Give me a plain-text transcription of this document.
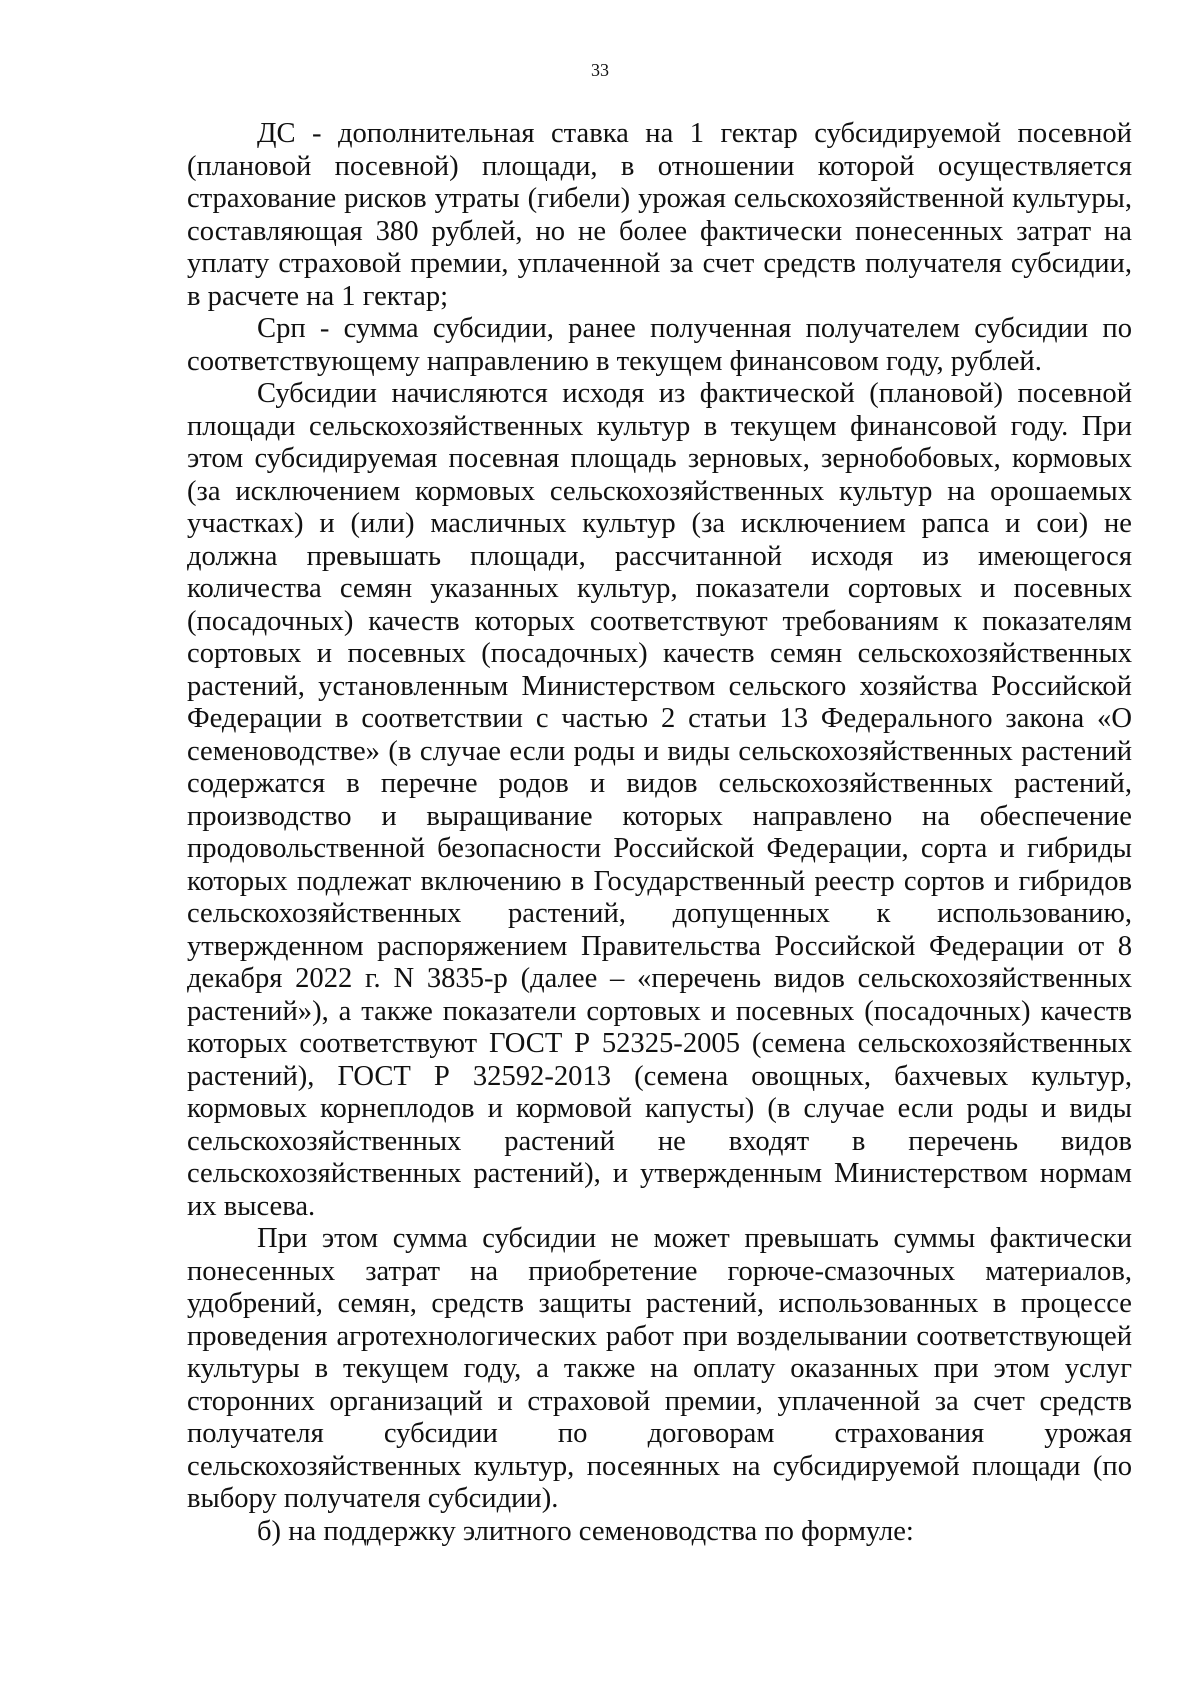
33

ДС - дополнительная ставка на 1 гектар субсидируемой посевной (плановой посевной) площади, в отношении которой осуществляется страхование рисков утраты (гибели) урожая сельскохозяйственной культуры, составляющая 380 рублей, но не более фактически понесенных затрат на уплату страховой премии, уплаченной за счет средств получателя субсидии, в расчете на 1 гектар;

Срп - сумма субсидии, ранее полученная получателем субсидии по соответствующему направлению в текущем финансовом году, рублей.

Субсидии начисляются исходя из фактической (плановой) посевной площади сельскохозяйственных культур в текущем финансовой году. При этом субсидируемая посевная площадь зерновых, зернобобовых, кормовых (за исключением кормовых сельскохозяйственных культур на орошаемых участках) и (или) масличных культур (за исключением рапса и сои) не должна превышать площади, рассчитанной исходя из имеющегося количества семян указанных культур, показатели сортовых и посевных (посадочных) качеств которых соответствуют требованиям к показателям сортовых и посевных (посадочных) качеств семян сельскохозяйственных растений, установленным Министерством сельского хозяйства Российской Федерации в соответствии с частью 2 статьи 13 Федерального закона «О семеноводстве» (в случае если роды и виды сельскохозяйственных растений содержатся в перечне родов и видов сельскохозяйственных растений, производство и выращивание которых направлено на обеспечение продовольственной безопасности Российской Федерации, сорта и гибриды которых подлежат включению в Государственный реестр сортов и гибридов сельскохозяйственных растений, допущенных к использованию, утвержденном распоряжением Правительства Российской Федерации от 8 декабря 2022 г. N 3835-р (далее – «перечень видов сельскохозяйственных растений»), а также показатели сортовых и посевных (посадочных) качеств которых соответствуют ГОСТ Р 52325-2005 (семена сельскохозяйственных растений), ГОСТ Р 32592-2013 (семена овощных, бахчевых культур, кормовых корнеплодов и кормовой капусты) (в случае если роды и виды сельскохозяйственных растений не входят в перечень видов сельскохозяйственных растений), и утвержденным Министерством нормам их высева.

При этом сумма субсидии не может превышать суммы фактически понесенных затрат на приобретение горюче-смазочных материалов, удобрений, семян, средств защиты растений, использованных в процессе проведения агротехнологических работ при возделывании соответствующей культуры в текущем году, а также на оплату оказанных при этом услуг сторонних организаций и страховой премии, уплаченной за счет средств получателя субсидии по договорам страхования урожая сельскохозяйственных культур, посеянных на субсидируемой площади (по выбору получателя субсидии).

б) на поддержку элитного семеноводства по формуле:
